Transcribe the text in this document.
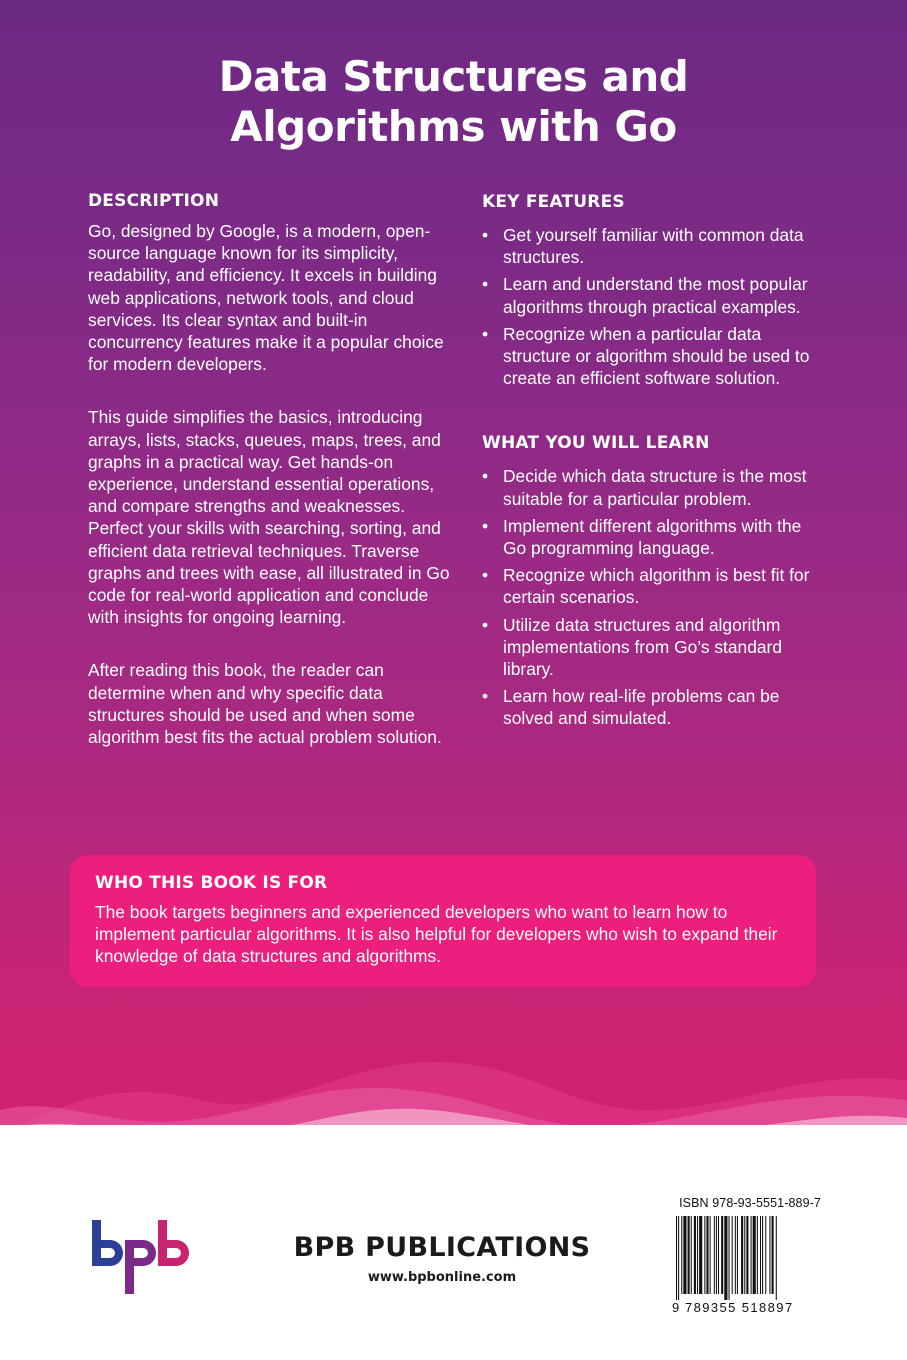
Data Structures and
Algorithms with Go
DESCRIPTION

Go, designed by Google, is a modern, open-source language known for its simplicity, readability, and efficiency. It excels in building web applications, network tools, and cloud services. Its clear syntax and built-in concurrency features make it a popular choice for modern developers.

This guide simplifies the basics, introducing arrays, lists, stacks, queues, maps, trees, and graphs in a practical way. Get hands-on experience, understand essential operations, and compare strengths and weaknesses. Perfect your skills with searching, sorting, and efficient data retrieval techniques. Traverse graphs and trees with ease, all illustrated in Go code for real-world application and conclude with insights for ongoing learning.

After reading this book, the reader can determine when and why specific data structures should be used and when some algorithm best fits the actual problem solution.

KEY FEATURES
• Get yourself familiar with common data structures.
• Learn and understand the most popular algorithms through practical examples.
• Recognize when a particular data structure or algorithm should be used to create an efficient software solution.
WHAT YOU WILL LEARN
• Decide which data structure is the most suitable for a particular problem.
• Implement different algorithms with the Go programming language.
• Recognize which algorithm is best fit for certain scenarios.
• Utilize data structures and algorithm implementations from Go’s standard library.
• Learn how real-life problems can be solved and simulated.
WHO THIS BOOK IS FOR

The book targets beginners and experienced developers who want to learn how to implement particular algorithms. It is also helpful for developers who wish to expand their knowledge of data structures and algorithms.

BPB PUBLICATIONS
www.bpbonline.com
ISBN 978-93-5551-889-7
9 789355 518897
